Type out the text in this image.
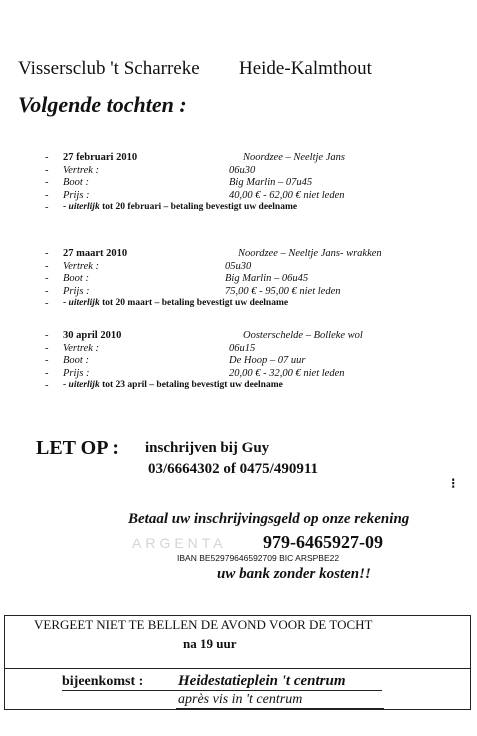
Vissersclub 't Scharreke Heide-Kalmthout
Volgende tochten :
- 27 februari 2010	Noordzee – Neeltje Jans
- Vertrek :	06u30
- Boot :	Big Marlin – 07u45
- Prijs :	40,00 € - 62,00 € niet leden
- - uiterlijk tot 20 februari – betaling bevestigt uw deelname
- 27 maart 2010	Noordzee – Neeltje Jans- wrakken
- Vertrek :	05u30
- Boot :	Big Marlin – 06u45
- Prijs :	75,00 € - 95,00 € niet leden
- - uiterlijk tot 20 maart – betaling bevestigt uw deelname
- 30 april 2010	Oosterschelde – Bolleke wol
- Vertrek :	06u15
- Boot :	De Hoop – 07 uur
- Prijs :	20,00 € - 32,00 € niet leden
- - uiterlijk tot 23 april – betaling bevestigt uw deelname
LET OP : inschrijven bij Guy
03/6664302 of 0475/490911
⁝
Betaal uw inschrijvingsgeld op onze rekening
ARGENTA 979-6465927-09
IBAN BE52979646592709 BIC ARSPBE22
uw bank zonder kosten!!
VERGEET NIET TE BELLEN DE AVOND VOOR DE TOCHT
na 19 uur
bijeenkomst : Heidestatieplein 't centrum
après vis in 't centrum
